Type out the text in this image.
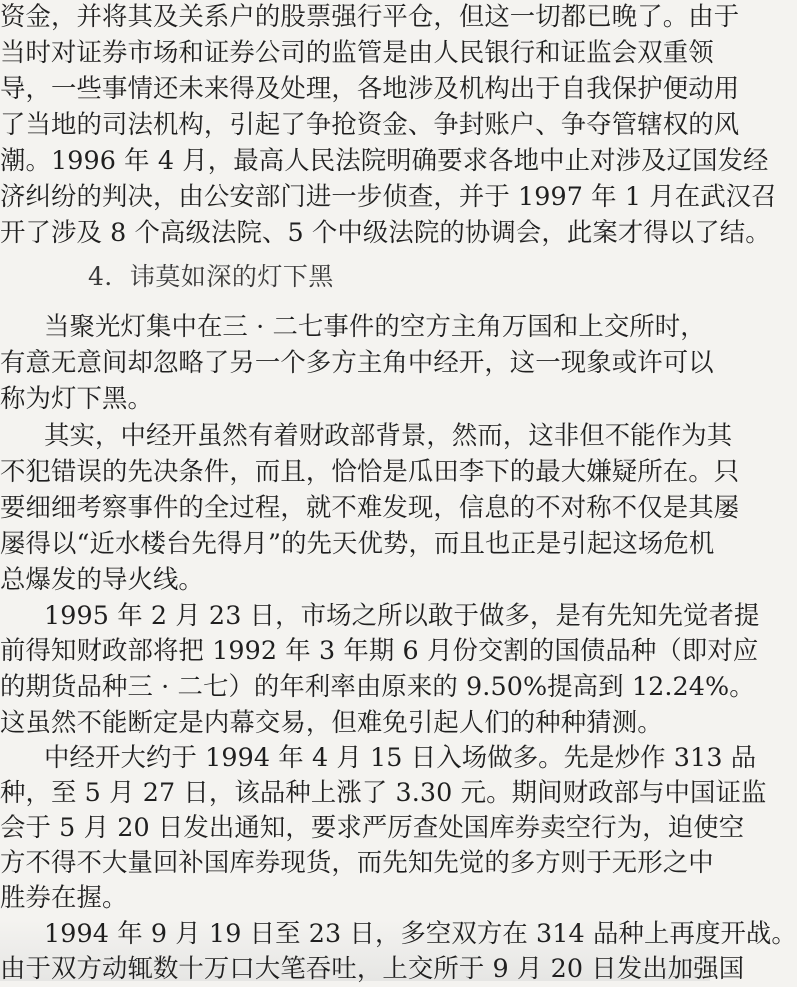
资金，并将其及关系户的股票强行平仓，但这一切都已晚了。由于
当时对证券市场和证券公司的监管是由人民银行和证监会双重领
导，一些事情还未来得及处理，各地涉及机构出于自我保护便动用
了当地的司法机构，引起了争抢资金、争封账户、争夺管辖权的风
潮。1996 年 4 月，最高人民法院明确要求各地中止对涉及辽国发经
济纠纷的判决，由公安部门进一步侦查，并于 1997 年 1 月在武汉召
开了涉及 8 个高级法院、5 个中级法院的协调会，此案才得以了结。
4．讳莫如深的灯下黑
当聚光灯集中在三 · 二七事件的空方主角万国和上交所时，
有意无意间却忽略了另一个多方主角中经开，这一现象或许可以
称为灯下黑。
其实，中经开虽然有着财政部背景，然而，这非但不能作为其
不犯错误的先决条件，而且，恰恰是瓜田李下的最大嫌疑所在。只
要细细考察事件的全过程，就不难发现，信息的不对称不仅是其屡
屡得以“近水楼台先得月”的先天优势，而且也正是引起这场危机
总爆发的导火线。
1995 年 2 月 23 日，市场之所以敢于做多，是有先知先觉者提
前得知财政部将把 1992 年 3 年期 6 月份交割的国债品种（即对应
的期货品种三 · 二七）的年利率由原来的 9.50%提高到 12.24%。
这虽然不能断定是内幕交易，但难免引起人们的种种猜测。
中经开大约于 1994 年 4 月 15 日入场做多。先是炒作 313 品
种，至 5 月 27 日，该品种上涨了 3.30 元。期间财政部与中国证监
会于 5 月 20 日发出通知，要求严厉查处国库券卖空行为，迫使空
方不得不大量回补国库券现货，而先知先觉的多方则于无形之中
胜券在握。
1994 年 9 月 19 日至 23 日，多空双方在 314 品种上再度开战。
由于双方动辄数十万口大笔吞吐，上交所于 9 月 20 日发出加强国
